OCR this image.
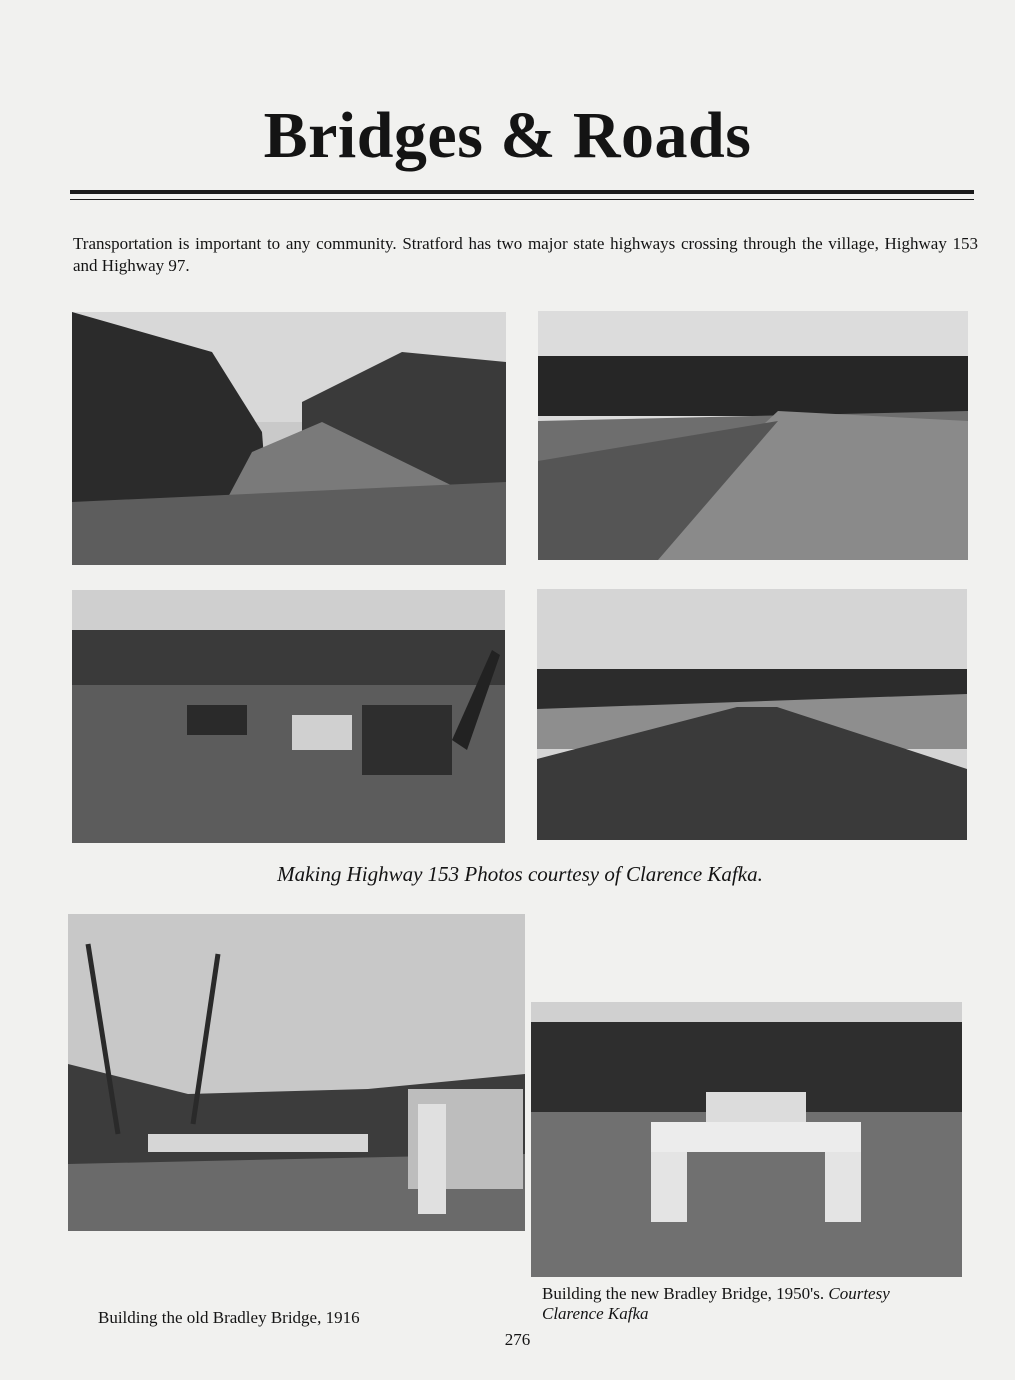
Bridges & Roads
Transportation is important to any community. Stratford has two major state highways crossing through the village, Highway 153 and Highway 97.
Making Highway 153 Photos courtesy of Clarence Kafka.
Building the old Bradley Bridge, 1916
Building the new Bradley Bridge, 1950's. Courtesy
Clarence Kafka
276
